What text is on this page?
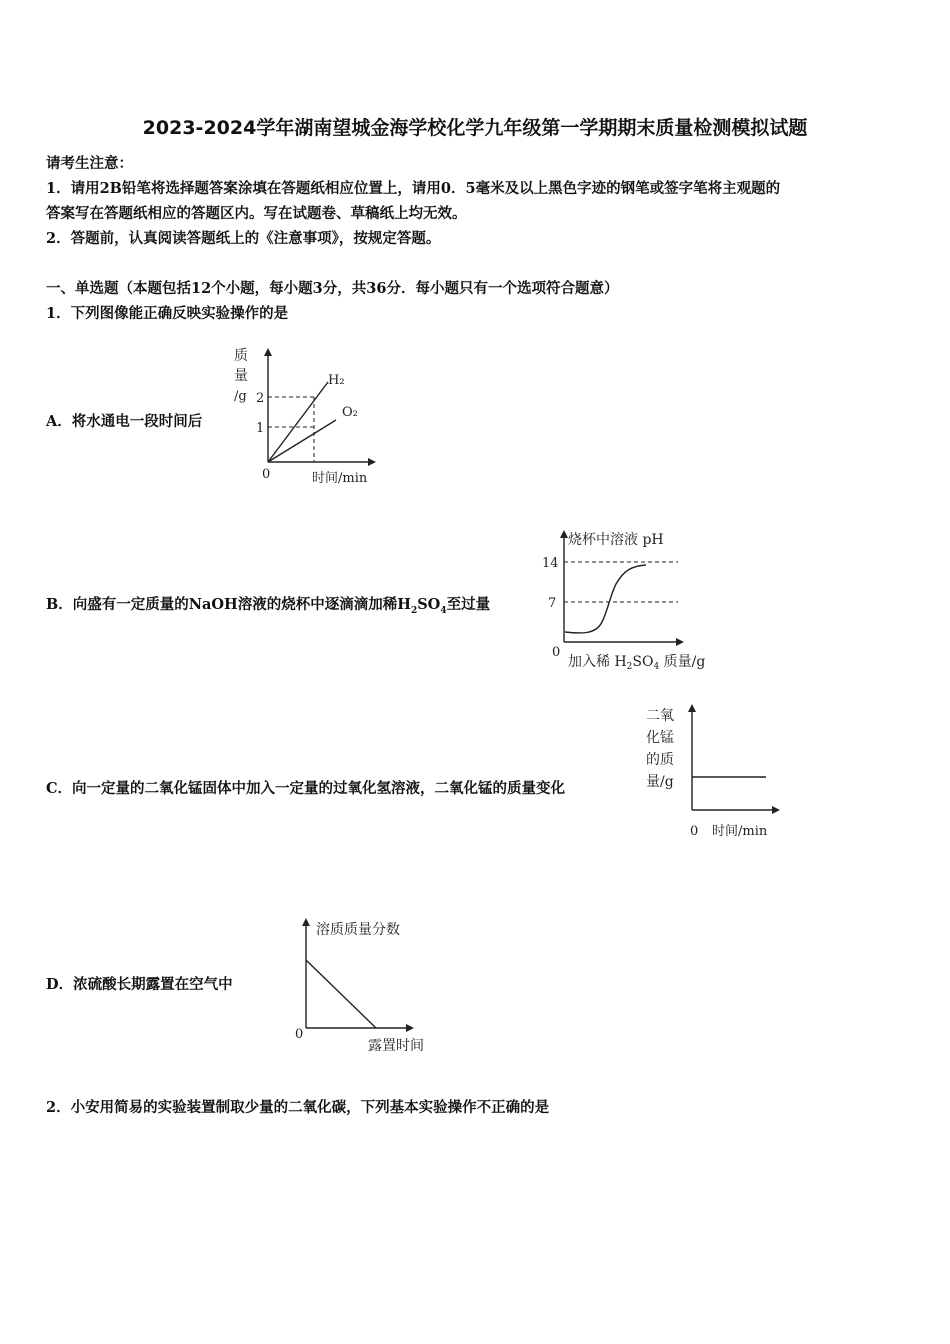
2023-2024学年湖南望城金海学校化学九年级第一学期期末质量检测模拟试题
请考生注意：
1．请用2B铅笔将选择题答案涂填在答题纸相应位置上，请用0．5毫米及以上黑色字迹的钢笔或签字笔将主观题的
答案写在答题纸相应的答题区内。写在试题卷、草稿纸上均无效。
2．答题前，认真阅读答题纸上的《注意事项》，按规定答题。
一、单选题（本题包括12个小题，每小题3分，共36分．每小题只有一个选项符合题意）
1．下列图像能正确反映实验操作的是
A．将水通电一段时间后
质
量
/g 2
1
0	时间/min
H₂
O₂
B．向盛有一定质量的NaOH溶液的烧杯中逐滴滴加稀$H_2SO_4$至过量
烧杯中溶液 pH
14
7
0
加入稀 $H_2SO_4$ 质量/g
C．向一定量的二氧化锰固体中加入一定量的过氧化氢溶液，二氧化锰的质量变化
二氧
化锰
的质
量/g
0 时间/min
D．浓硫酸长期露置在空气中
溶质质量分数
0
露置时间
2．小安用简易的实验装置制取少量的二氧化碳，下列基本实验操作不正确的是
